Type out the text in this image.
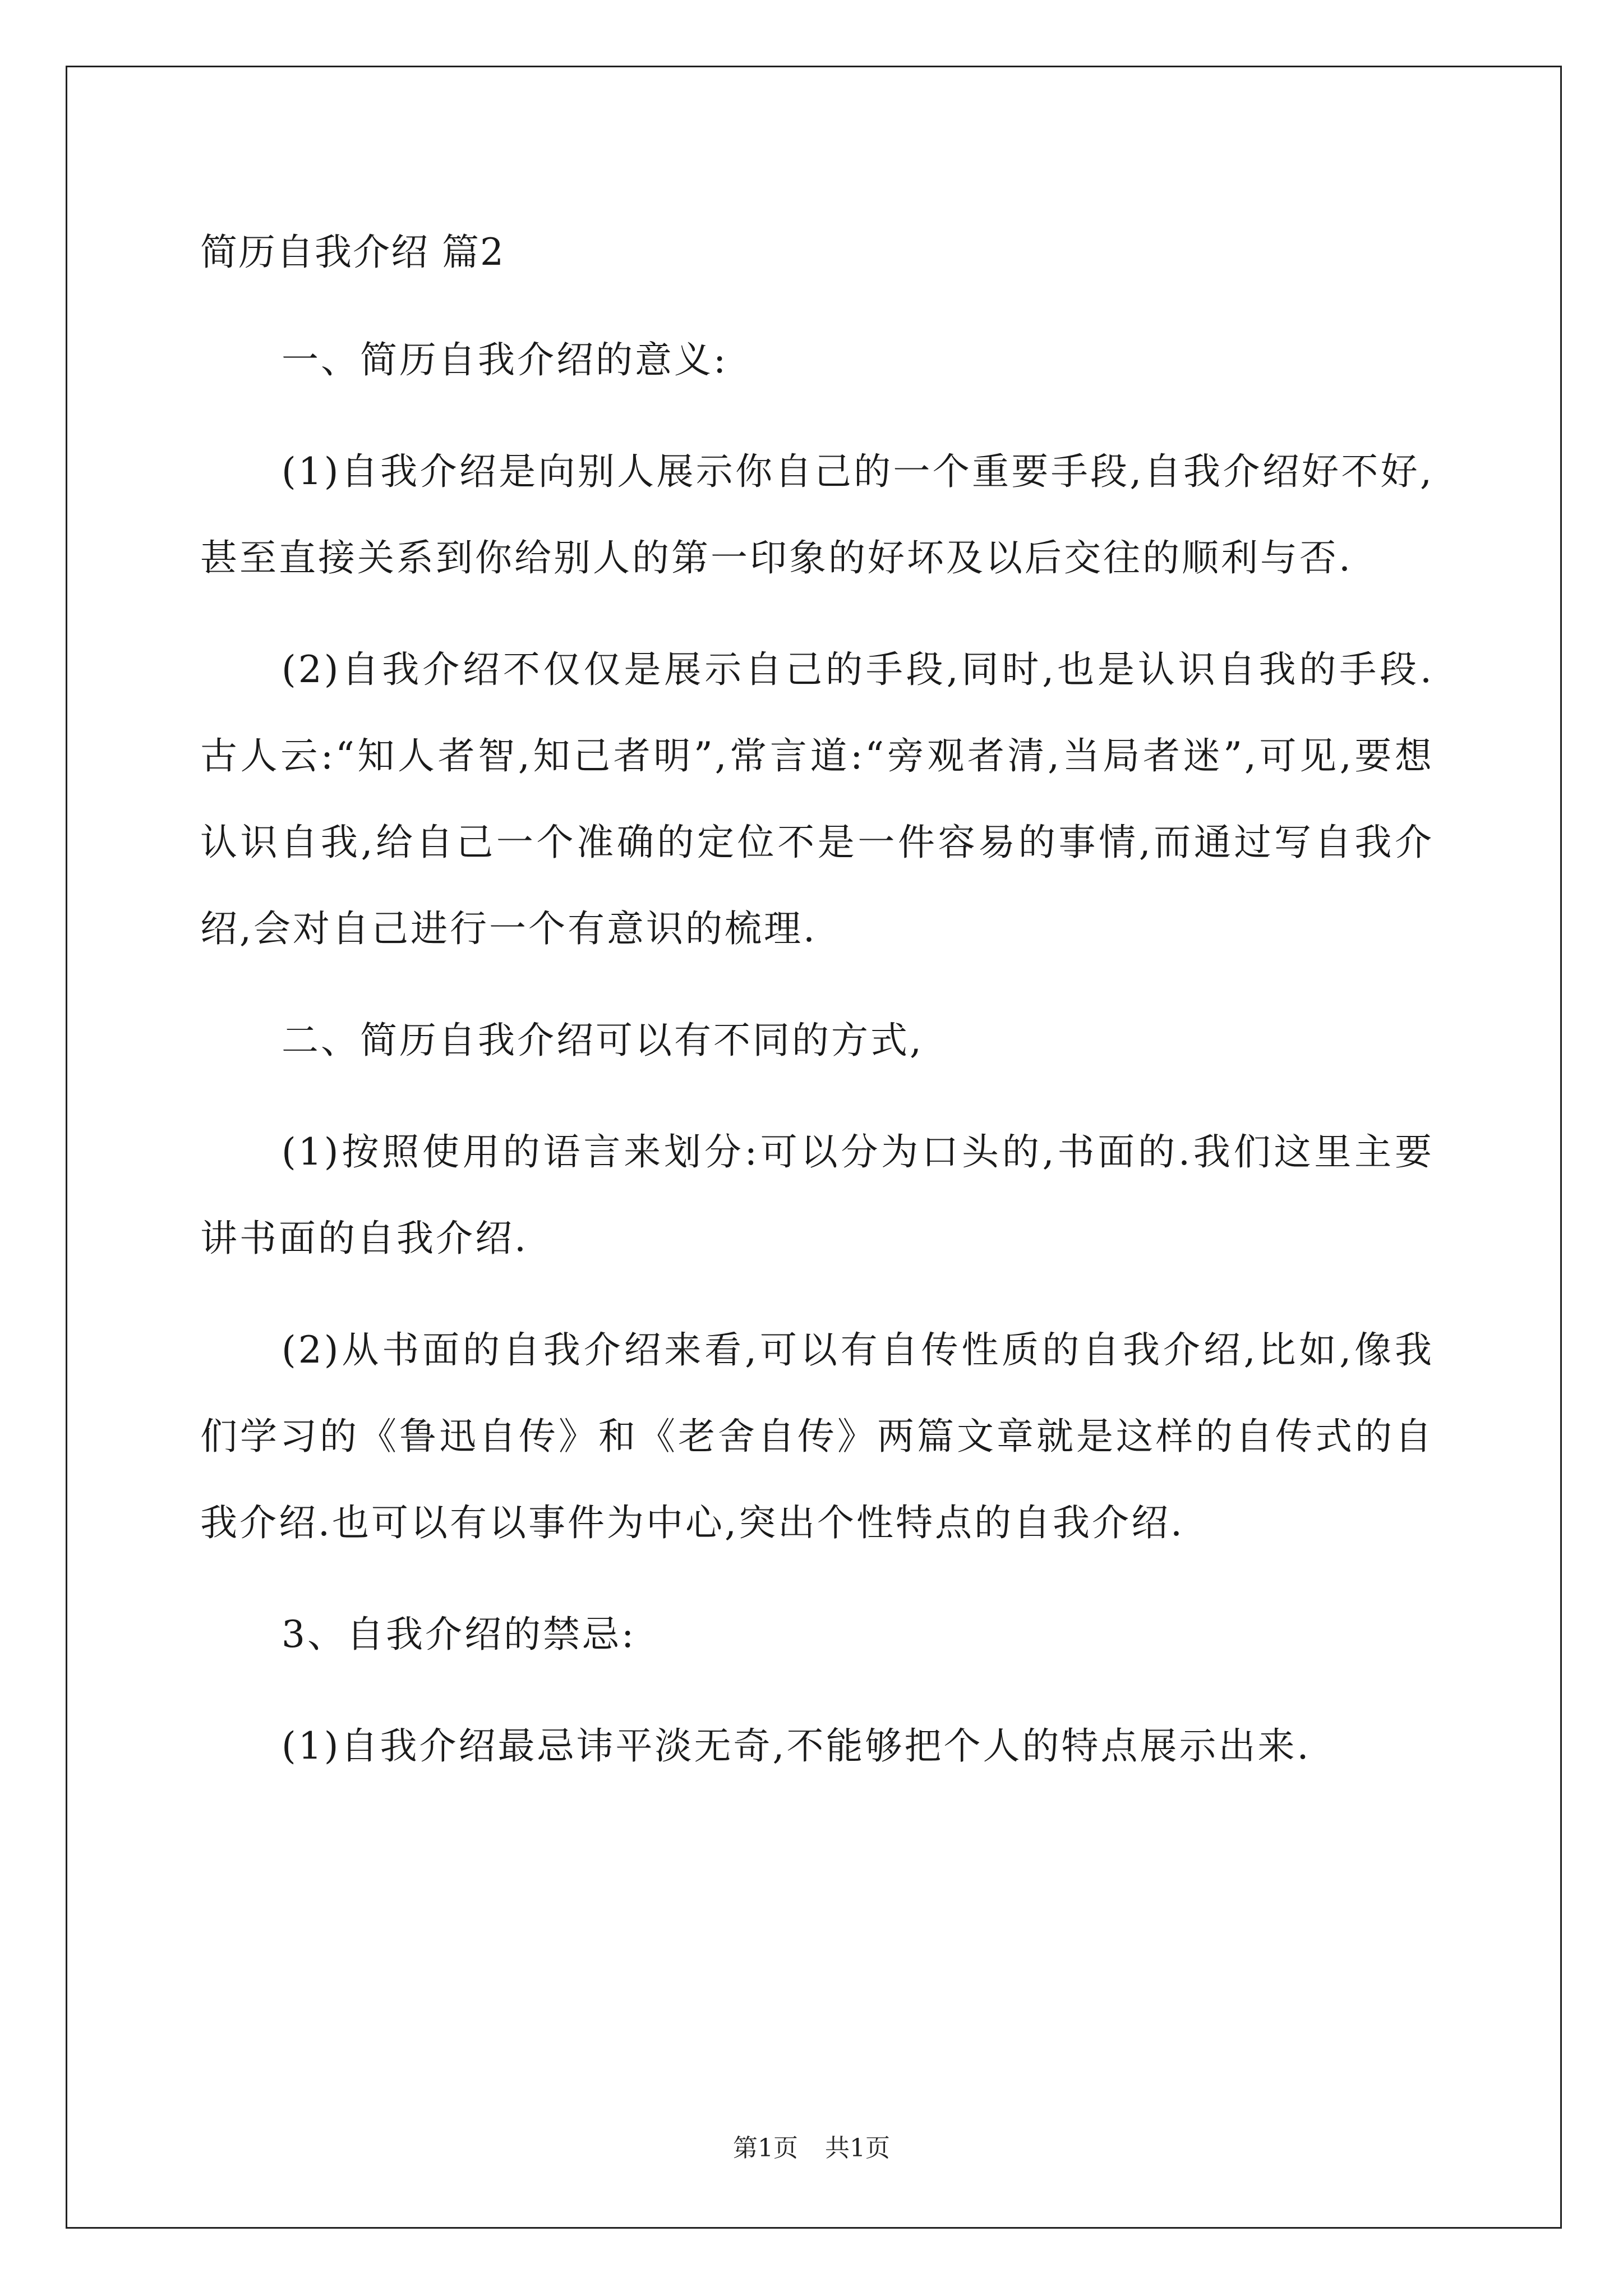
简历自我介绍 篇2

一、简历自我介绍的意义:

(1)自我介绍是向别人展示你自己的一个重要手段,自我介绍好不好,甚至直接关系到你给别人的第一印象的好坏及以后交往的顺利与否.

(2)自我介绍不仅仅是展示自己的手段,同时,也是认识自我的手段.古人云:“知人者智,知己者明”,常言道:“旁观者清,当局者迷”,可见,要想认识自我,给自己一个准确的定位不是一件容易的事情,而通过写自我介绍,会对自己进行一个有意识的梳理.

二、简历自我介绍可以有不同的方式,

(1)按照使用的语言来划分:可以分为口头的,书面的.我们这里主要讲书面的自我介绍.

(2)从书面的自我介绍来看,可以有自传性质的自我介绍,比如,像我们学习的《鲁迅自传》和《老舍自传》两篇文章就是这样的自传式的自我介绍.也可以有以事件为中心,突出个性特点的自我介绍.

3、自我介绍的禁忌:

(1)自我介绍最忌讳平淡无奇,不能够把个人的特点展示出来.

第1页 共1页
